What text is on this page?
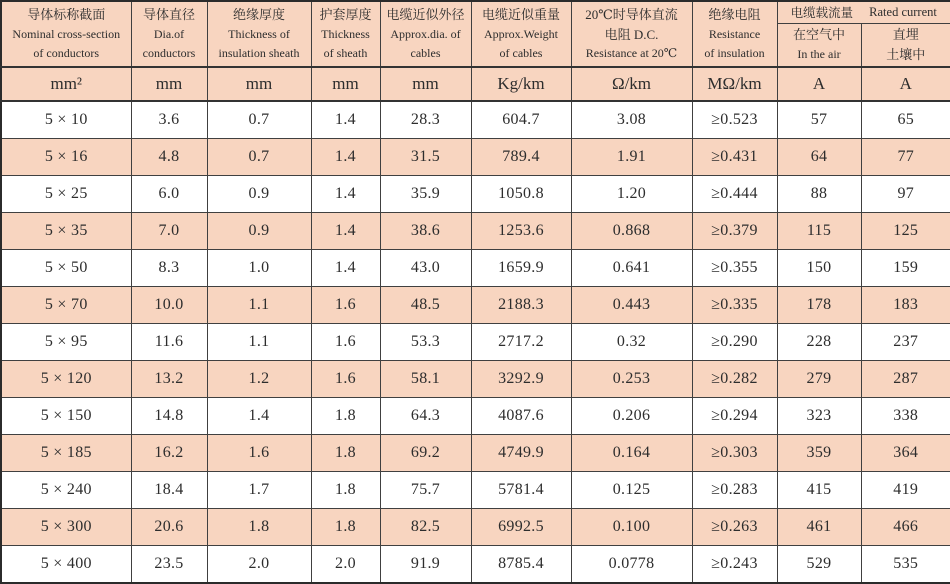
导体标称截面
Nominal cross-section
of conductors

导体直径
Dia.of
conductors

绝缘厚度
Thickness of
insulation sheath

护套厚度
Thickness
of sheath

电缆近似外径
Approx.dia. of
cables

电缆近似重量
Approx.Weight
of cables

20℃时导体直流
电阻 D.C.
Resistance at 20℃

绝缘电阻
Resistance
of insulation

电缆载流量 Rated current

在空气中
In the air

直埋
土壤中

mm²	mm	mm	mm	mm	Kg/km	Ω/km	MΩ/km	A	A
5 × 10	3.6	0.7	1.4	28.3	604.7	3.08	≥0.523	57	65
5 × 16	4.8	0.7	1.4	31.5	789.4	1.91	≥0.431	64	77
5 × 25	6.0	0.9	1.4	35.9	1050.8	1.20	≥0.444	88	97
5 × 35	7.0	0.9	1.4	38.6	1253.6	0.868	≥0.379	115	125
5 × 50	8.3	1.0	1.4	43.0	1659.9	0.641	≥0.355	150	159
5 × 70	10.0	1.1	1.6	48.5	2188.3	0.443	≥0.335	178	183
5 × 95	11.6	1.1	1.6	53.3	2717.2	0.32	≥0.290	228	237
5 × 120	13.2	1.2	1.6	58.1	3292.9	0.253	≥0.282	279	287
5 × 150	14.8	1.4	1.8	64.3	4087.6	0.206	≥0.294	323	338
5 × 185	16.2	1.6	1.8	69.2	4749.9	0.164	≥0.303	359	364
5 × 240	18.4	1.7	1.8	75.7	5781.4	0.125	≥0.283	415	419
5 × 300	20.6	1.8	1.8	82.5	6992.5	0.100	≥0.263	461	466
5 × 400	23.5	2.0	2.0	91.9	8785.4	0.0778	≥0.243	529	535
